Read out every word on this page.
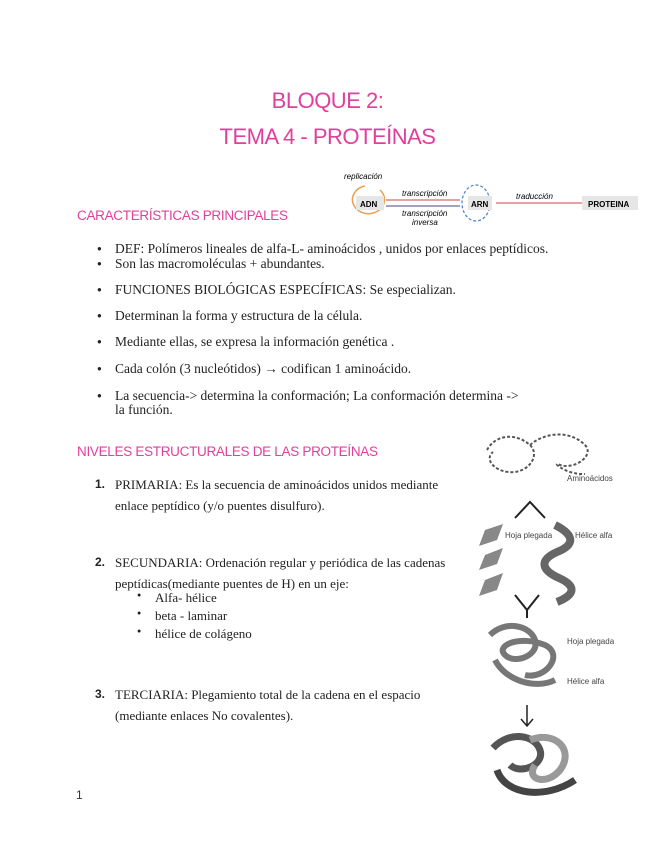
BLOQUE 2:
TEMA 4 - PROTEÍNAS
replicación
ADN
transcripción
transcripción
inversa
ARN
traducción
PROTEINA
CARACTERÍSTICAS PRINCIPALES
● DEF: Polímeros lineales de alfa-L- aminoácidos , unidos por enlaces peptídicos.
● Son las macromoléculas + abundantes.
● FUNCIONES BIOLÓGICAS ESPECÍFICAS: Se especializan.
● Determinan la forma y estructura de la célula.
● Mediante ellas, se expresa la información genética .
● Cada colón (3 nucleótidos) → codifican 1 aminoácido.
● La secuencia-> determina la conformación; La conformación determina ->
la función.
NIVELES ESTRUCTURALES DE LAS PROTEÍNAS
1. PRIMARIA: Es la secuencia de aminoácidos unidos mediante
enlace peptídico (y/o puentes disulfuro).
2. SECUNDARIA: Ordenación regular y periódica de las cadenas
peptídicas(mediante puentes de H) en un eje:
● Alfa- hélice
● beta - laminar
● hélice de colágeno
3. TERCIARIA: Plegamiento total de la cadena en el espacio
(mediante enlaces No covalentes).
Aminoácidos
Hoja plegada	Hélice alfa
Hoja plegada
Hélice alfa
1
